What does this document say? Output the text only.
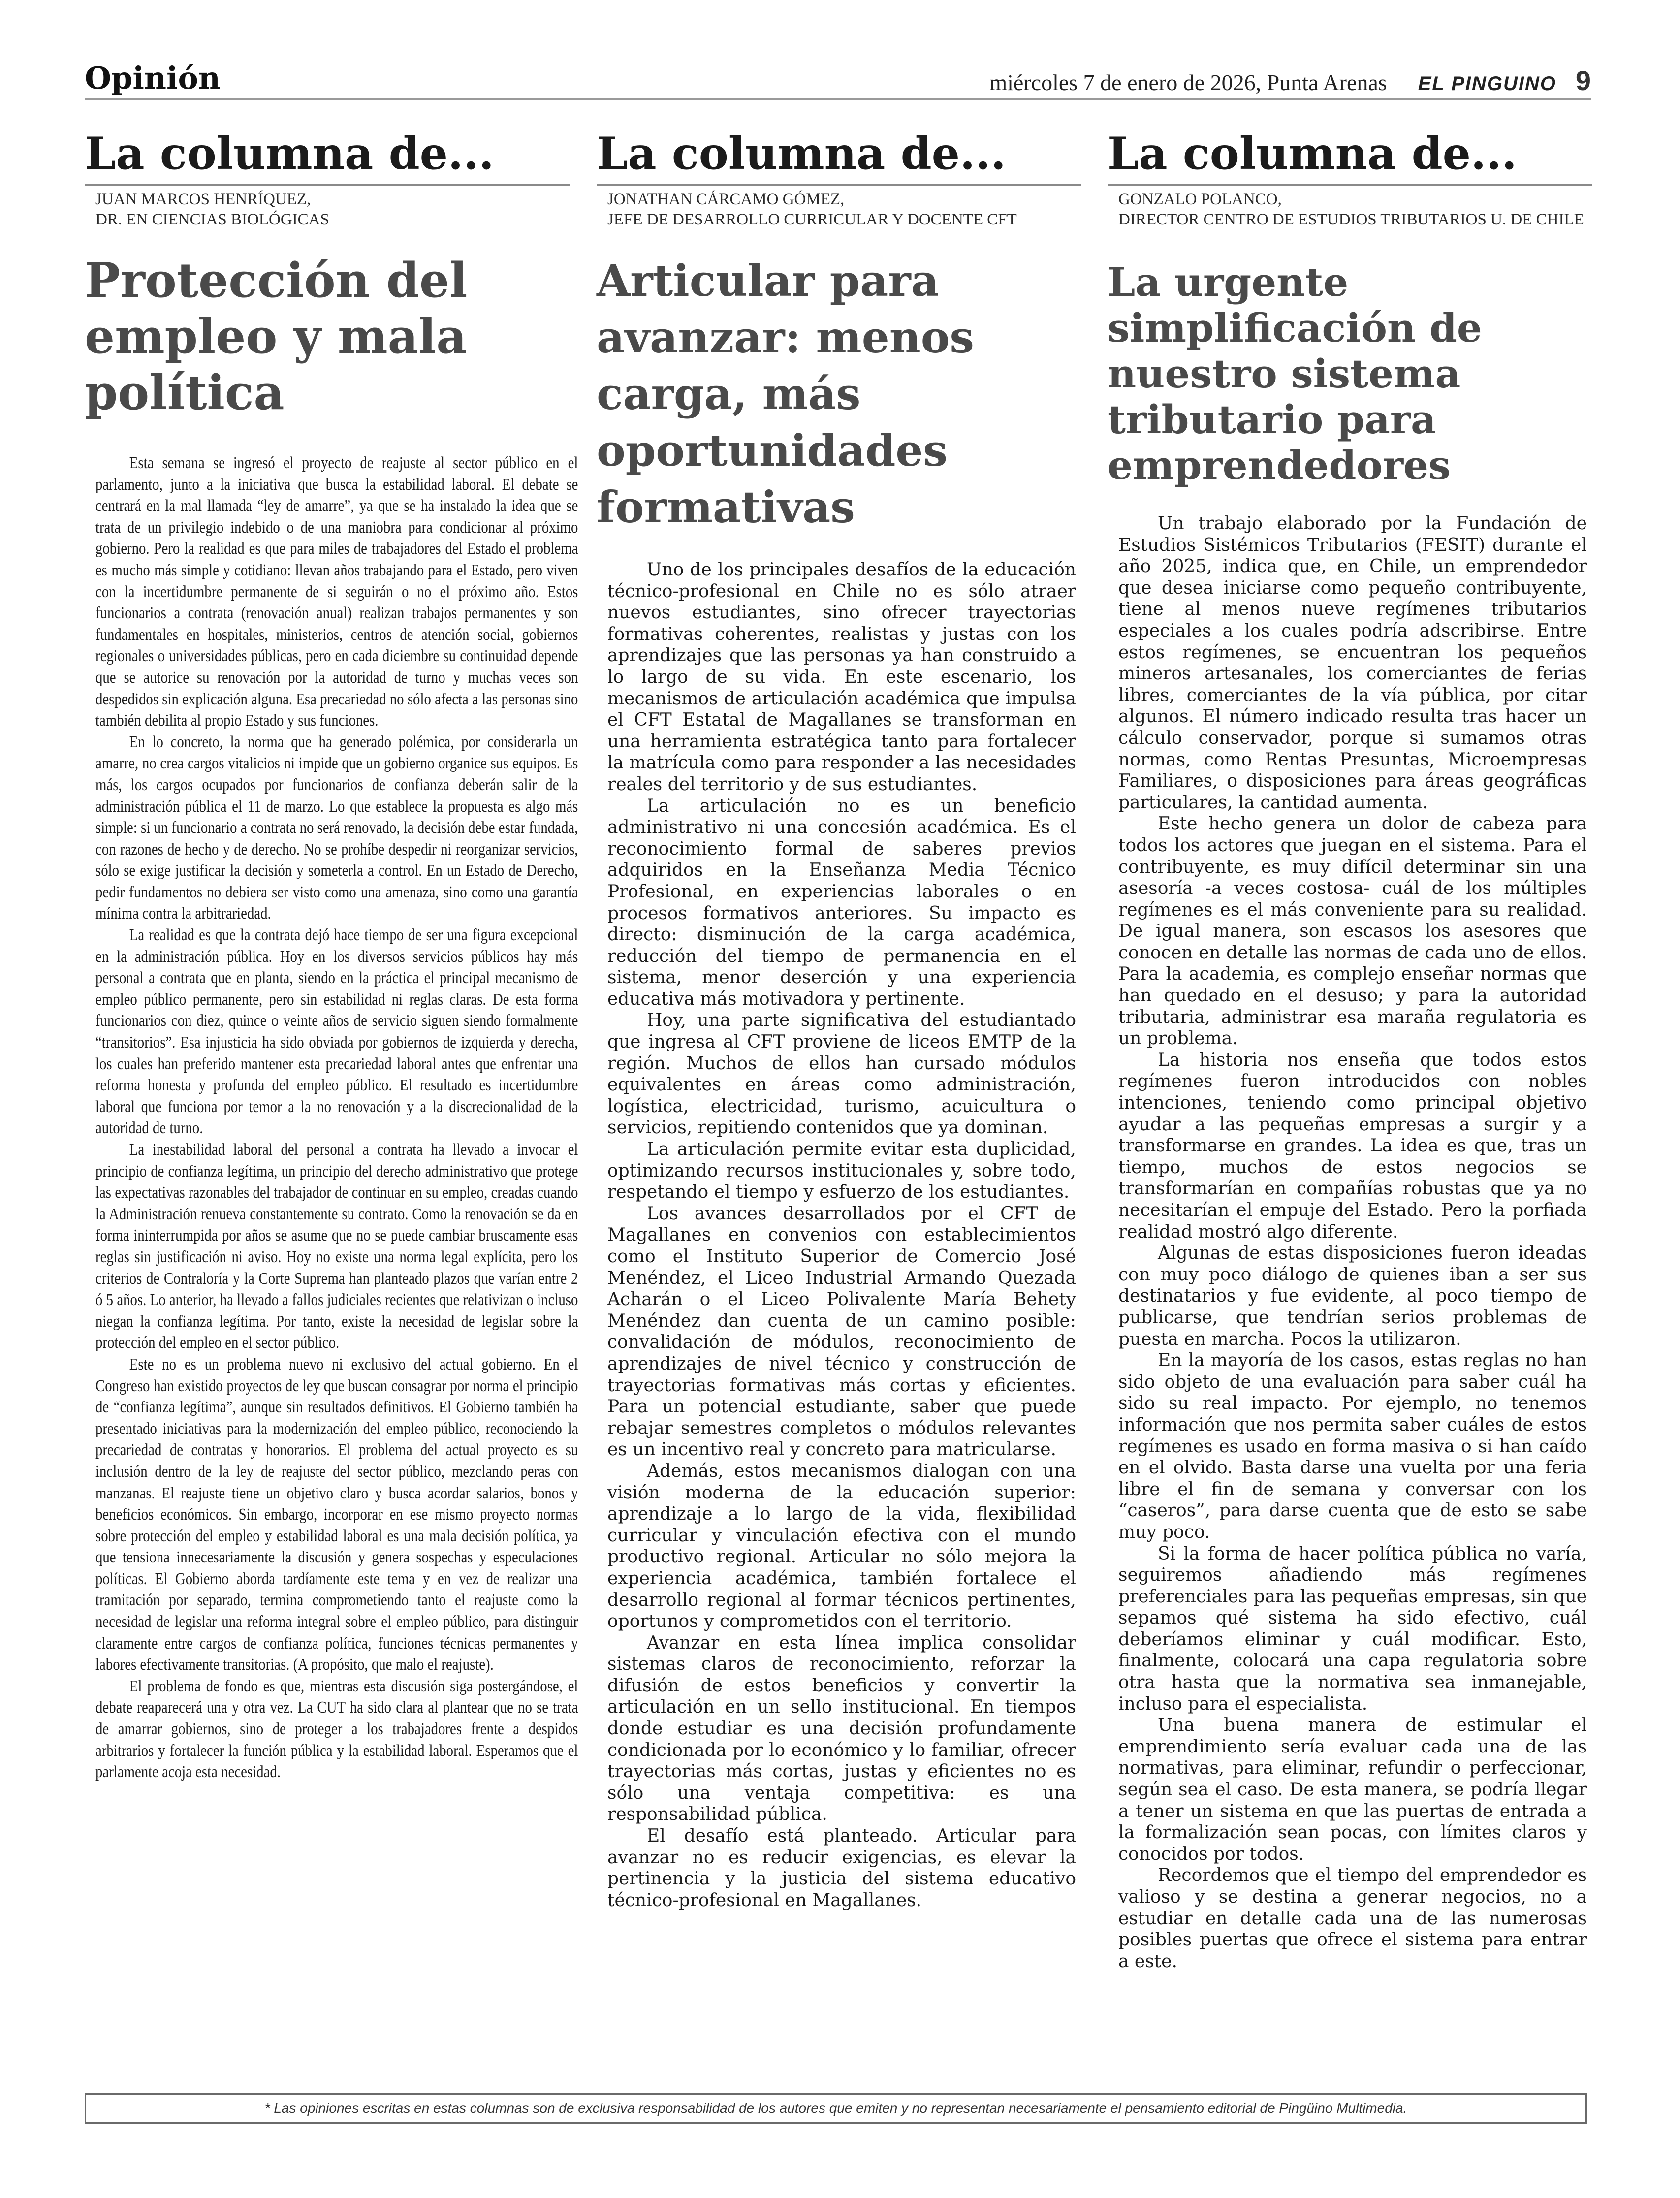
Opinión	miércoles 7 de enero de 2026, Punta Arenas EL PINGUINO 9
La columna de...
JUAN MARCOS HENRÍQUEZ,
DR. EN CIENCIAS BIOLÓGICAS
Protección del empleo y mala política

Esta semana se ingresó el proyecto de reajuste al sector público en el parlamento, junto a la iniciativa que busca la estabilidad laboral. El debate se centrará en la mal llamada “ley de amarre”, ya que se ha instalado la idea que se trata de un privilegio indebido o de una maniobra para condicionar al próximo gobierno. Pero la realidad es que para miles de trabajadores del Estado el problema es mucho más simple y cotidiano: llevan años trabajando para el Estado, pero viven con la incertidumbre permanente de si seguirán o no el próximo año. Estos funcionarios a contrata (renovación anual) realizan trabajos permanentes y son fundamentales en hospitales, ministerios, centros de atención social, gobiernos regionales o universidades públicas, pero en cada diciembre su continuidad depende que se autorice su renovación por la autoridad de turno y muchas veces son despedidos sin explicación alguna. Esa precariedad no sólo afecta a las personas sino también debilita al propio Estado y sus funciones.

En lo concreto, la norma que ha generado polémica, por considerarla un amarre, no crea cargos vitalicios ni impide que un gobierno organice sus equipos. Es más, los cargos ocupados por funcionarios de confianza deberán salir de la administración pública el 11 de marzo. Lo que establece la propuesta es algo más simple: si un funcionario a contrata no será renovado, la decisión debe estar fundada, con razones de hecho y de derecho. No se prohíbe despedir ni reorganizar servicios, sólo se exige justificar la decisión y someterla a control. En un Estado de Derecho, pedir fundamentos no debiera ser visto como una amenaza, sino como una garantía mínima contra la arbitrariedad.

La realidad es que la contrata dejó hace tiempo de ser una figura excepcional en la administración pública. Hoy en los diversos servicios públicos hay más personal a contrata que en planta, siendo en la práctica el principal mecanismo de empleo público permanente, pero sin estabilidad ni reglas claras. De esta forma funcionarios con diez, quince o veinte años de servicio siguen siendo formalmente “transitorios”. Esa injusticia ha sido obviada por gobiernos de izquierda y derecha, los cuales han preferido mantener esta precariedad laboral antes que enfrentar una reforma honesta y profunda del empleo público. El resultado es incertidumbre laboral que funciona por temor a la no renovación y a la discrecionalidad de la autoridad de turno.

La inestabilidad laboral del personal a contrata ha llevado a invocar el principio de confianza legítima, un principio del derecho administrativo que protege las expectativas razonables del trabajador de continuar en su empleo, creadas cuando la Administración renueva constantemente su contrato. Como la renovación se da en forma ininterrumpida por años se asume que no se puede cambiar bruscamente esas reglas sin justificación ni aviso. Hoy no existe una norma legal explícita, pero los criterios de Contraloría y la Corte Suprema han planteado plazos que varían entre 2 ó 5 años. Lo anterior, ha llevado a fallos judiciales recientes que relativizan o incluso niegan la confianza legítima. Por tanto, existe la necesidad de legislar sobre la protección del empleo en el sector público.

Este no es un problema nuevo ni exclusivo del actual gobierno. En el Congreso han existido proyectos de ley que buscan consagrar por norma el principio de “confianza legítima”, aunque sin resultados definitivos. El Gobierno también ha presentado iniciativas para la modernización del empleo público, reconociendo la precariedad de contratas y honorarios. El problema del actual proyecto es su inclusión dentro de la ley de reajuste del sector público, mezclando peras con manzanas. El reajuste tiene un objetivo claro y busca acordar salarios, bonos y beneficios económicos. Sin embargo, incorporar en ese mismo proyecto normas sobre protección del empleo y estabilidad laboral es una mala decisión política, ya que tensiona innecesariamente la discusión y genera sospechas y especulaciones políticas. El Gobierno aborda tardíamente este tema y en vez de realizar una tramitación por separado, termina comprometiendo tanto el reajuste como la necesidad de legislar una reforma integral sobre el empleo público, para distinguir claramente entre cargos de confianza política, funciones técnicas permanentes y labores efectivamente transitorias. (A propósito, que malo el reajuste).

El problema de fondo es que, mientras esta discusión siga postergándose, el debate reaparecerá una y otra vez. La CUT ha sido clara al plantear que no se trata de amarrar gobiernos, sino de proteger a los trabajadores frente a despidos arbitrarios y fortalecer la función pública y la estabilidad laboral. Esperamos que el parlamente acoja esta necesidad.

La columna de...
JONATHAN CÁRCAMO GÓMEZ,
JEFE DE DESARROLLO CURRICULAR Y DOCENTE CFT
Articular para avanzar: menos carga, más oportunidades formativas

Uno de los principales desafíos de la educación técnico-profesional en Chile no es sólo atraer nuevos estudiantes, sino ofrecer trayectorias formativas coherentes, realistas y justas con los aprendizajes que las personas ya han construido a lo largo de su vida. En este escenario, los mecanismos de articulación académica que impulsa el CFT Estatal de Magallanes se transforman en una herramienta estratégica tanto para fortalecer la matrícula como para responder a las necesidades reales del territorio y de sus estudiantes.

La articulación no es un beneficio administrativo ni una concesión académica. Es el reconocimiento formal de saberes previos adquiridos en la Enseñanza Media Técnico Profesional, en experiencias laborales o en procesos formativos anteriores. Su impacto es directo: disminución de la carga académica, reducción del tiempo de permanencia en el sistema, menor deserción y una experiencia educativa más motivadora y pertinente.

Hoy, una parte significativa del estudiantado que ingresa al CFT proviene de liceos EMTP de la región. Muchos de ellos han cursado módulos equivalentes en áreas como administración, logística, electricidad, turismo, acuicultura o servicios, repitiendo contenidos que ya dominan.

La articulación permite evitar esta duplicidad, optimizando recursos institucionales y, sobre todo, respetando el tiempo y esfuerzo de los estudiantes.

Los avances desarrollados por el CFT de Magallanes en convenios con establecimientos como el Instituto Superior de Comercio José Menéndez, el Liceo Industrial Armando Quezada Acharán o el Liceo Polivalente María Behety Menéndez dan cuenta de un camino posible: convalidación de módulos, reconocimiento de aprendizajes de nivel técnico y construcción de trayectorias formativas más cortas y eficientes. Para un potencial estudiante, saber que puede rebajar semestres completos o módulos relevantes es un incentivo real y concreto para matricularse.

Además, estos mecanismos dialogan con una visión moderna de la educación superior: aprendizaje a lo largo de la vida, flexibilidad curricular y vinculación efectiva con el mundo productivo regional. Articular no sólo mejora la experiencia académica, también fortalece el desarrollo regional al formar técnicos pertinentes, oportunos y comprometidos con el territorio.

Avanzar en esta línea implica consolidar sistemas claros de reconocimiento, reforzar la difusión de estos beneficios y convertir la articulación en un sello institucional. En tiempos donde estudiar es una decisión profundamente condicionada por lo económico y lo familiar, ofrecer trayectorias más cortas, justas y eficientes no es sólo una ventaja competitiva: es una responsabilidad pública.

El desafío está planteado. Articular para avanzar no es reducir exigencias, es elevar la pertinencia y la justicia del sistema educativo técnico-profesional en Magallanes.

La columna de...
GONZALO POLANCO,
DIRECTOR CENTRO DE ESTUDIOS TRIBUTARIOS U. DE CHILE
La urgente simplificación de nuestro sistema tributario para emprendedores

Un trabajo elaborado por la Fundación de Estudios Sistémicos Tributarios (FESIT) durante el año 2025, indica que, en Chile, un emprendedor que desea iniciarse como pequeño contribuyente, tiene al menos nueve regímenes tributarios especiales a los cuales podría adscribirse. Entre estos regímenes, se encuentran los pequeños mineros artesanales, los comerciantes de ferias libres, comerciantes de la vía pública, por citar algunos. El número indicado resulta tras hacer un cálculo conservador, porque si sumamos otras normas, como Rentas Presuntas, Microempresas Familiares, o disposiciones para áreas geográficas particulares, la cantidad aumenta.

Este hecho genera un dolor de cabeza para todos los actores que juegan en el sistema. Para el contribuyente, es muy difícil determinar sin una asesoría -a veces costosa- cuál de los múltiples regímenes es el más conveniente para su realidad. De igual manera, son escasos los asesores que conocen en detalle las normas de cada uno de ellos. Para la academia, es complejo enseñar normas que han quedado en el desuso; y para la autoridad tributaria, administrar esa maraña regulatoria es un problema.

La historia nos enseña que todos estos regímenes fueron introducidos con nobles intenciones, teniendo como principal objetivo ayudar a las pequeñas empresas a surgir y a transformarse en grandes. La idea es que, tras un tiempo, muchos de estos negocios se transformarían en compañías robustas que ya no necesitarían el empuje del Estado. Pero la porfiada realidad mostró algo diferente.

Algunas de estas disposiciones fueron ideadas con muy poco diálogo de quienes iban a ser sus destinatarios y fue evidente, al poco tiempo de publicarse, que tendrían serios problemas de puesta en marcha. Pocos la utilizaron.

En la mayoría de los casos, estas reglas no han sido objeto de una evaluación para saber cuál ha sido su real impacto. Por ejemplo, no tenemos información que nos permita saber cuáles de estos regímenes es usado en forma masiva o si han caído en el olvido. Basta darse una vuelta por una feria libre el fin de semana y conversar con los “caseros”, para darse cuenta que de esto se sabe muy poco.

Si la forma de hacer política pública no varía, seguiremos añadiendo más regímenes preferenciales para las pequeñas empresas, sin que sepamos qué sistema ha sido efectivo, cuál deberíamos eliminar y cuál modificar. Esto, finalmente, colocará una capa regulatoria sobre otra hasta que la normativa sea inmanejable, incluso para el especialista.

Una buena manera de estimular el emprendimiento sería evaluar cada una de las normativas, para eliminar, refundir o perfeccionar, según sea el caso. De esta manera, se podría llegar a tener un sistema en que las puertas de entrada a la formalización sean pocas, con límites claros y conocidos por todos.

Recordemos que el tiempo del emprendedor es valioso y se destina a generar negocios, no a estudiar en detalle cada una de las numerosas posibles puertas que ofrece el sistema para entrar a este.

* Las opiniones escritas en estas columnas son de exclusiva responsabilidad de los autores que emiten y no representan necesariamente el pensamiento editorial de Pingüino Multimedia.
